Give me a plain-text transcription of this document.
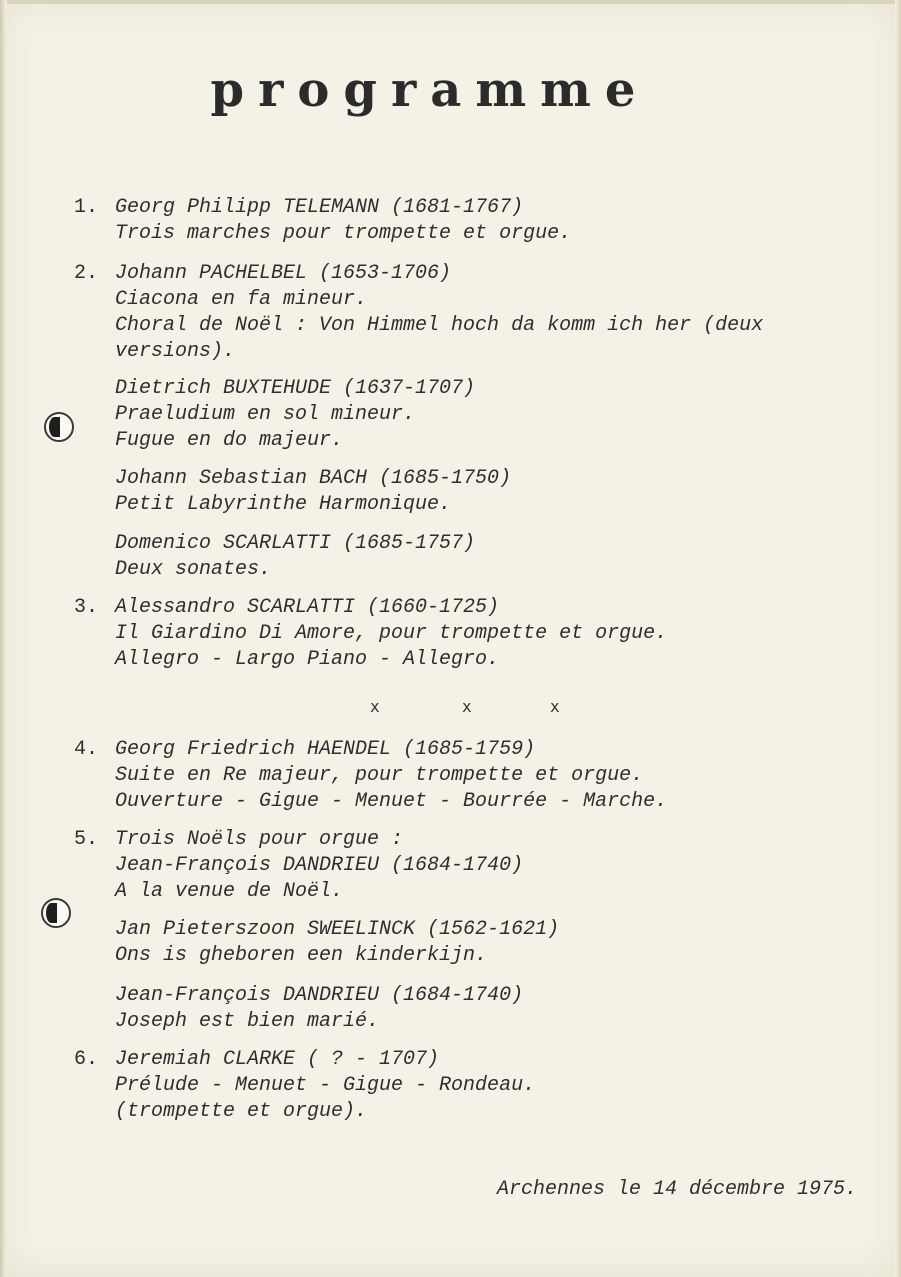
programme
1. Georg Philipp TELEMANN (1681-1767)
Trois marches pour trompette et orgue.
2. Johann PACHELBEL (1653-1706)
Ciacona en fa mineur.
Choral de Noël : Von Himmel hoch da komm ich her (deux
versions).
Dietrich BUXTEHUDE (1637-1707)
Praeludium en sol mineur.
Fugue en do majeur.
Johann Sebastian BACH (1685-1750)
Petit Labyrinthe Harmonique.
Domenico SCARLATTI (1685-1757)
Deux sonates.
3. Alessandro SCARLATTI (1660-1725)
Il Giardino Di Amore, pour trompette et orgue.
Allegro - Largo Piano - Allegro.
x	x	x
4. Georg Friedrich HAENDEL (1685-1759)
Suite en Re majeur, pour trompette et orgue.
Ouverture - Gigue - Menuet - Bourrée - Marche.
5. Trois Noëls pour orgue :
Jean-François DANDRIEU (1684-1740)
A la venue de Noël.
Jan Pieterszoon SWEELINCK (1562-1621)
Ons is gheboren een kinderkijn.
Jean-François DANDRIEU (1684-1740)
Joseph est bien marié.
6. Jeremiah CLARKE ( ? - 1707)
Prélude - Menuet - Gigue - Rondeau.
(trompette et orgue).
Archennes le 14 décembre 1975.
